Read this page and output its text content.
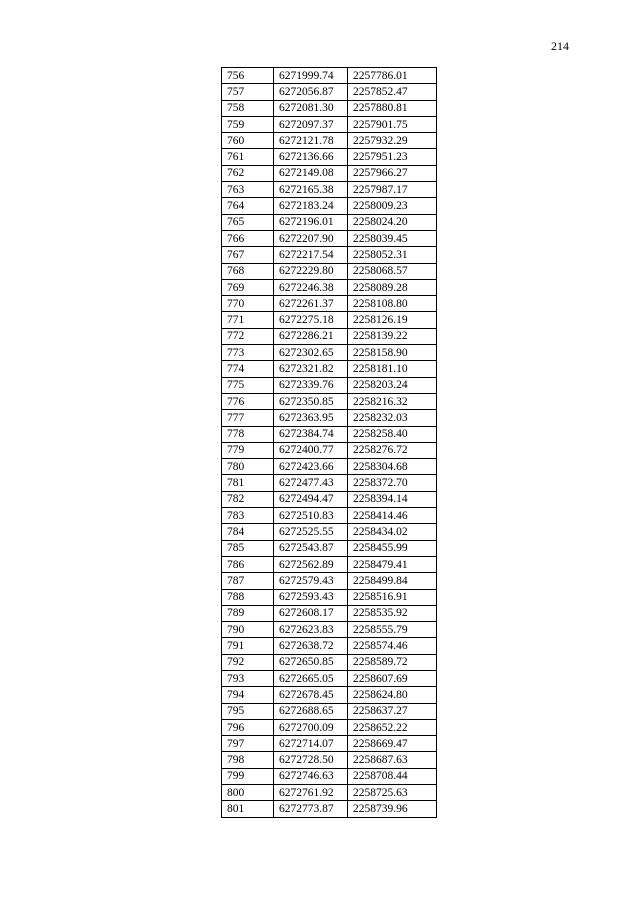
214
756	6271999.74	2257786.01
757	6272056.87	2257852.47
758	6272081.30	2257880.81
759	6272097.37	2257901.75
760	6272121.78	2257932.29
761	6272136.66	2257951.23
762	6272149.08	2257966.27
763	6272165.38	2257987.17
764	6272183.24	2258009.23
765	6272196.01	2258024.20
766	6272207.90	2258039.45
767	6272217.54	2258052.31
768	6272229.80	2258068.57
769	6272246.38	2258089.28
770	6272261.37	2258108.80
771	6272275.18	2258126.19
772	6272286.21	2258139.22
773	6272302.65	2258158.90
774	6272321.82	2258181.10
775	6272339.76	2258203.24
776	6272350.85	2258216.32
777	6272363.95	2258232.03
778	6272384.74	2258258.40
779	6272400.77	2258276.72
780	6272423.66	2258304.68
781	6272477.43	2258372.70
782	6272494.47	2258394.14
783	6272510.83	2258414.46
784	6272525.55	2258434.02
785	6272543.87	2258455.99
786	6272562.89	2258479.41
787	6272579.43	2258499.84
788	6272593.43	2258516.91
789	6272608.17	2258535.92
790	6272623.83	2258555.79
791	6272638.72	2258574.46
792	6272650.85	2258589.72
793	6272665.05	2258607.69
794	6272678.45	2258624.80
795	6272688.65	2258637.27
796	6272700.09	2258652.22
797	6272714.07	2258669.47
798	6272728.50	2258687.63
799	6272746.63	2258708.44
800	6272761.92	2258725.63
801	6272773.87	2258739.96
